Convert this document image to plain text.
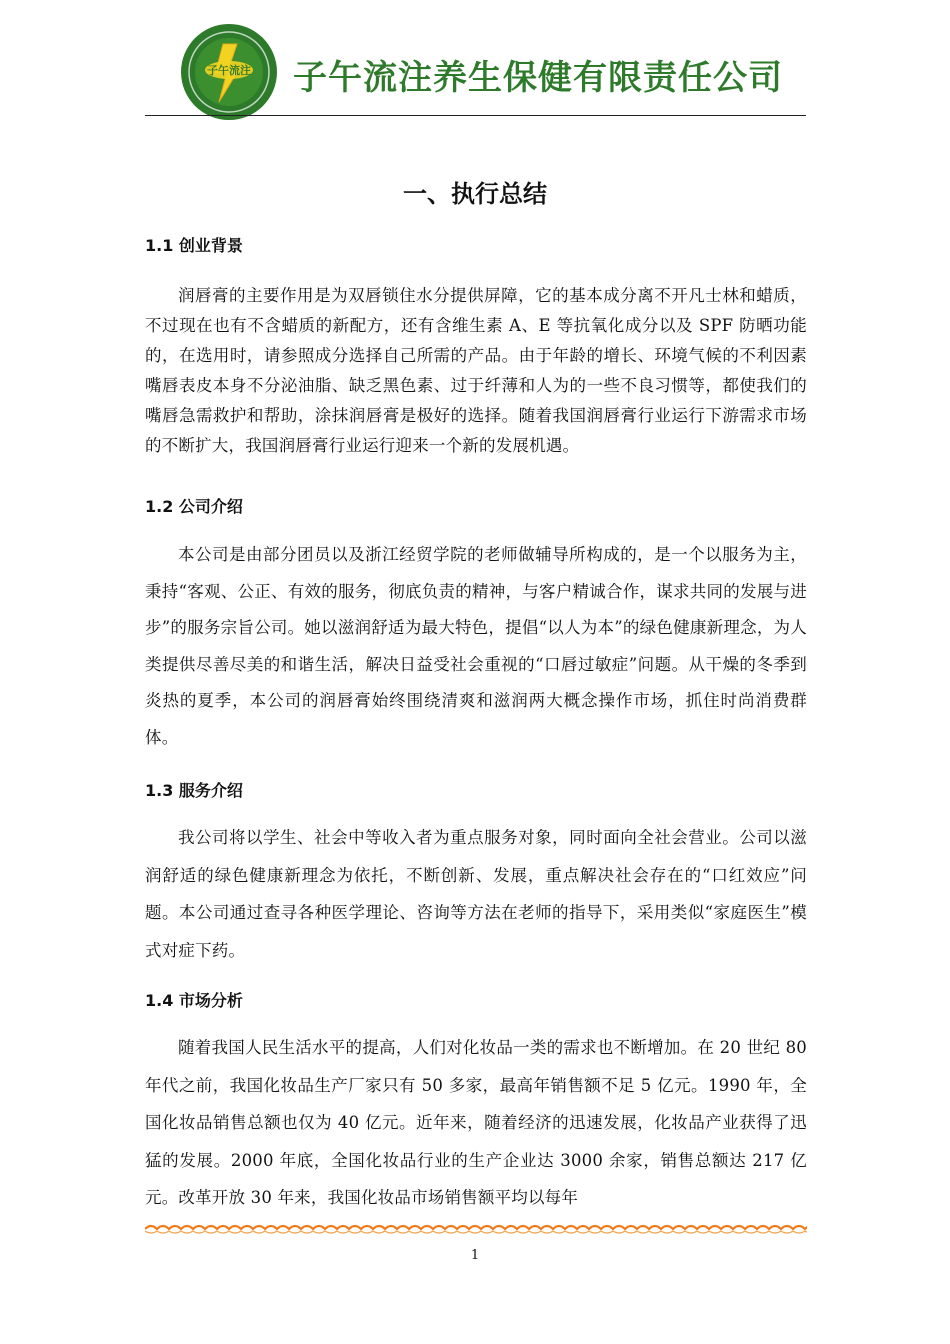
子午流注 子午流注养生保健有限责任公司
一、执行总结
1.1 创业背景
润唇膏的主要作用是为双唇锁住水分提供屏障，它的基本成分离不开凡士林和蜡质，不过现在也有不含蜡质的新配方，还有含维生素 A、E 等抗氧化成分以及 SPF 防晒功能的，在选用时，请参照成分选择自己所需的产品。由于年龄的增长、环境气候的不利因素嘴唇表皮本身不分泌油脂、缺乏黑色素、过于纤薄和人为的一些不良习惯等，都使我们的嘴唇急需救护和帮助，涂抹润唇膏是极好的选择。随着我国润唇膏行业运行下游需求市场的不断扩大，我国润唇膏行业运行迎来一个新的发展机遇。
1.2 公司介绍
本公司是由部分团员以及浙江经贸学院的老师做辅导所构成的，是一个以服务为主，秉持“客观、公正、有效的服务，彻底负责的精神，与客户精诚合作，谋求共同的发展与进步”的服务宗旨公司。她以滋润舒适为最大特色，提倡“以人为本”的绿色健康新理念，为人类提供尽善尽美的和谐生活，解决日益受社会重视的“口唇过敏症”问题。从干燥的冬季到炎热的夏季，本公司的润唇膏始终围绕清爽和滋润两大概念操作市场，抓住时尚消费群体。
1.3 服务介绍
我公司将以学生、社会中等收入者为重点服务对象，同时面向全社会营业。公司以滋润舒适的绿色健康新理念为依托，不断创新、发展，重点解决社会存在的“口红效应”问题。本公司通过查寻各种医学理论、咨询等方法在老师的指导下，采用类似“家庭医生”模式对症下药。
1.4 市场分析
随着我国人民生活水平的提高，人们对化妆品一类的需求也不断增加。在 20 世纪 80 年代之前，我国化妆品生产厂家只有 50 多家，最高年销售额不足 5 亿元。1990 年，全国化妆品销售总额也仅为 40 亿元。近年来，随着经济的迅速发展，化妆品产业获得了迅猛的发展。2000 年底，全国化妆品行业的生产企业达 3000 余家，销售总额达 217 亿元。改革开放 30 年来，我国化妆品市场销售额平均以每年
1
